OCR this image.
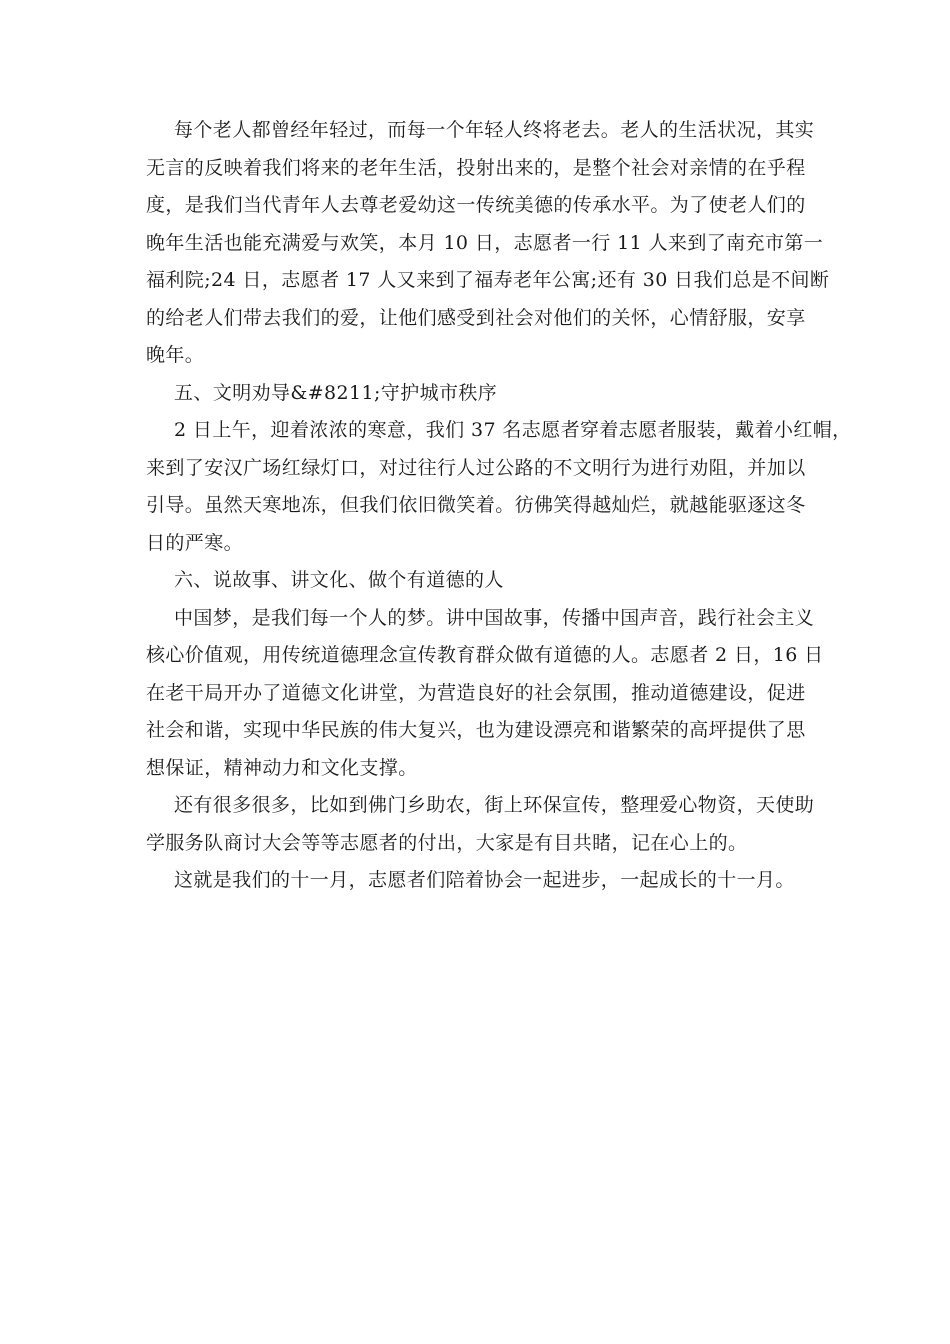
每个老人都曾经年轻过，而每一个年轻人终将老去。老人的生活状况，其实
无言的反映着我们将来的老年生活，投射出来的，是整个社会对亲情的在乎程
度，是我们当代青年人去尊老爱幼这一传统美德的传承水平。为了使老人们的
晚年生活也能充满爱与欢笑，本月 10 日，志愿者一行 11 人来到了南充市第一
福利院;24 日，志愿者 17 人又来到了福寿老年公寓;还有 30 日我们总是不间断
的给老人们带去我们的爱，让他们感受到社会对他们的关怀，心情舒服，安享
晚年。

五、文明劝导&#8211;守护城市秩序

2 日上午，迎着浓浓的寒意，我们 37 名志愿者穿着志愿者服装，戴着小红帽，
来到了安汉广场红绿灯口，对过往行人过公路的不文明行为进行劝阻，并加以
引导。虽然天寒地冻，但我们依旧微笑着。彷佛笑得越灿烂，就越能驱逐这冬
日的严寒。

六、说故事、讲文化、做个有道德的人

中国梦，是我们每一个人的梦。讲中国故事，传播中国声音，践行社会主义
核心价值观，用传统道德理念宣传教育群众做有道德的人。志愿者 2 日，16 日
在老干局开办了道德文化讲堂，为营造良好的社会氛围，推动道德建设，促进
社会和谐，实现中华民族的伟大复兴，也为建设漂亮和谐繁荣的高坪提供了思
想保证，精神动力和文化支撑。

还有很多很多，比如到佛门乡助农，街上环保宣传，整理爱心物资，天使助
学服务队商讨大会等等志愿者的付出，大家是有目共睹，记在心上的。

这就是我们的十一月，志愿者们陪着协会一起进步，一起成长的十一月。
